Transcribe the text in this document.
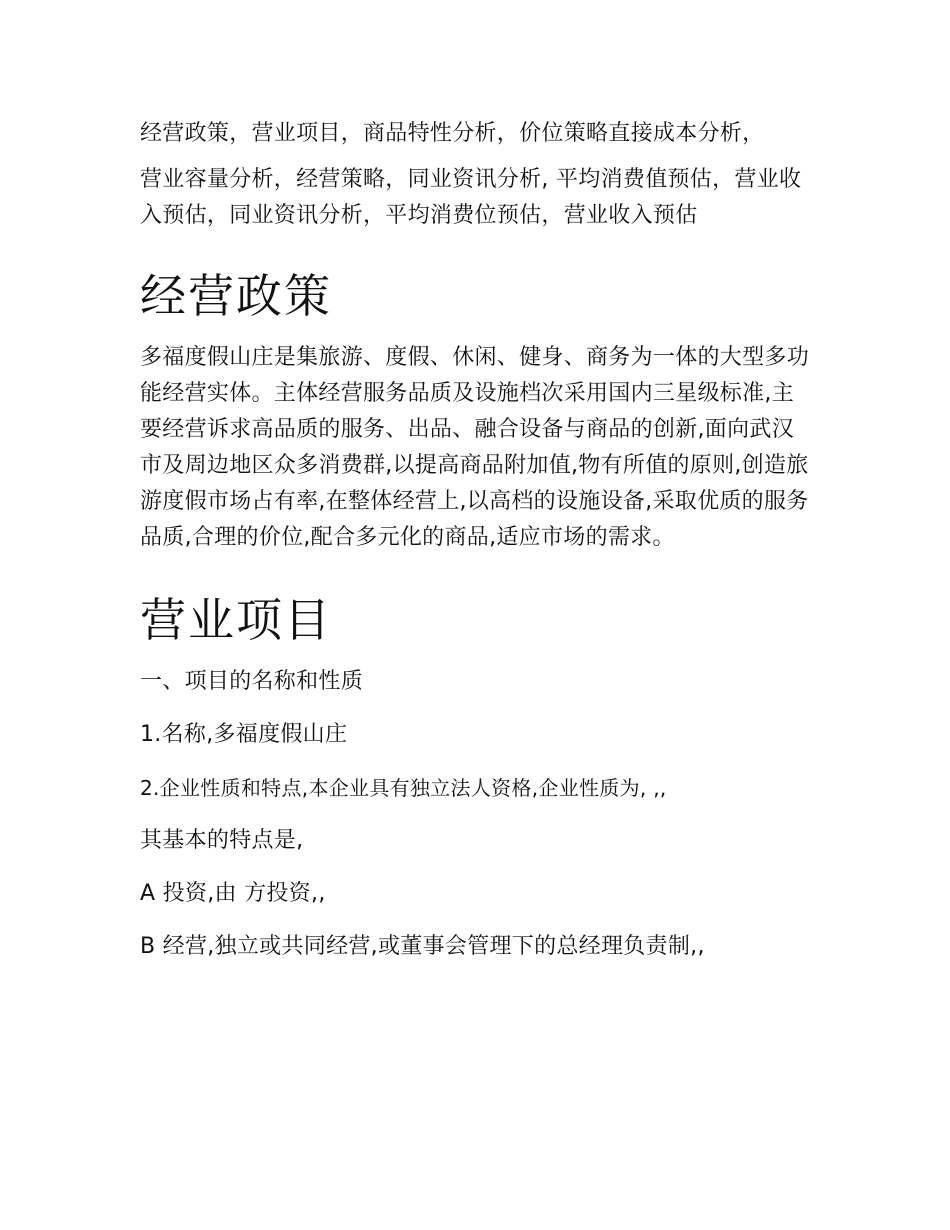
经营政策，营业项目，商品特性分析，价位策略直接成本分析，

营业容量分析，经营策略，同业资讯分析, 平均消费值预估，营业收入预估，同业资讯分析，平均消费位预估，营业收入预估

经营政策

多福度假山庄是集旅游、度假、休闲、健身、商务为一体的大型多功能经营实体。主体经营服务品质及设施档次采用国内三星级标准,主要经营诉求高品质的服务、出品、融合设备与商品的创新,面向武汉市及周边地区众多消费群,以提高商品附加值,物有所值的原则,创造旅游度假市场占有率,在整体经营上,以高档的设施设备,采取优质的服务品质,合理的价位,配合多元化的商品,适应市场的需求。

营业项目

一、项目的名称和性质

1.名称,多福度假山庄

2.企业性质和特点,本企业具有独立法人资格,企业性质为, ,,

其基本的特点是,

A 投资,由 方投资,,

B 经营,独立或共同经营,或董事会管理下的总经理负责制,,
